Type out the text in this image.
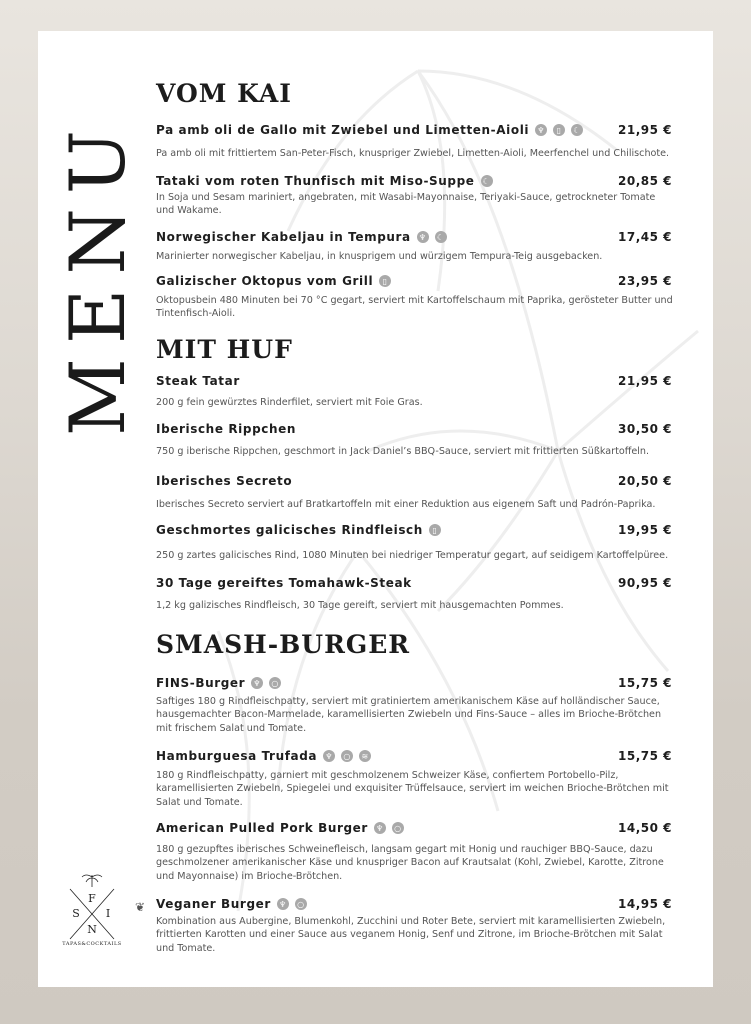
MENU
VOM KAI
Pa amb oli de Gallo mit Zwiebel und Limetten-Aioli ♆	▯	☾	21,95 €

Pa amb oli mit frittiertem San-Peter-Fisch, knuspriger Zwiebel, Limetten-Aioli, Meerfenchel und Chilischote.

Tataki vom roten Thunfisch mit Miso-Suppe ☾	20,85 €

In Soja und Sesam mariniert, angebraten, mit Wasabi-Mayonnaise, Teriyaki-Sauce, getrockneter Tomate und Wakame.

Norwegischer Kabeljau in Tempura ♆ ☾	17,45 €

Marinierter norwegischer Kabeljau, in knusprigem und würzigem Tempura-Teig ausgebacken.

Galizischer Oktopus vom Grill	▯	23,95 €

Oktopusbein 480 Minuten bei 70 °C gegart, serviert mit Kartoffelschaum mit Paprika, gerösteter Butter und Tintenfisch-Aioli.

MIT HUF
Steak Tatar	21,95 €

200 g fein gewürztes Rinderfilet, serviert mit Foie Gras.

Iberische Rippchen	30,50 €

750 g iberische Rippchen, geschmort in Jack Daniel’s BBQ-Sauce, serviert mit frittierten Süßkartoffeln.

Iberisches Secreto	20,50 €

Iberisches Secreto serviert auf Bratkartoffeln mit einer Reduktion aus eigenem Saft und Padrón-Paprika.

Geschmortes galicisches Rindfleisch	▯	19,95 €

250 g zartes galicisches Rind, 1080 Minuten bei niedriger Temperatur gegart, auf seidigem Kartoffelpüree.

30 Tage gereiftes Tomahawk-Steak	90,95 €

1,2 kg galizisches Rindfleisch, 30 Tage gereift, serviert mit hausgemachten Pommes.

SMASH-BURGER
FINS-Burger ♆ ○	15,75 €

Saftiges 180 g Rindfleischpatty, serviert mit gratiniertem amerikanischem Käse auf holländischer Sauce, hausgemachter Bacon-Marmelade, karamellisierten Zwiebeln und Fins-Sauce – alles im Brioche-Brötchen mit frischem Salat und Tomate.

Hamburguesa Trufada ♆ ○ ≋	15,75 €

180 g Rindfleischpatty, garniert mit geschmolzenem Schweizer Käse, confiertem Portobello-Pilz, karamellisierten Zwiebeln, Spiegelei und exquisiter Trüffelsauce, serviert im weichen Brioche-Brötchen mit Salat und Tomate.

American Pulled Pork Burger ♆ ○	14,50 €

180 g gezupftes iberisches Schweinefleisch, langsam gegart mit Honig und rauchiger BBQ-Sauce, dazu geschmolzener amerikanischer Käse und knuspriger Bacon auf Krautsalat (Kohl, Zwiebel, Karotte, Zitrone und Mayonnaise) im Brioche-Brötchen.

❦ Veganer Burger ♆ ○	14,95 €

Kombination aus Aubergine, Blumenkohl, Zucchini und Roter Bete, serviert mit karamellisierten Zwiebeln, frittierten Karotten und einer Sauce aus veganem Honig, Senf und Zitrone, im Brioche-Brötchen mit Salat und Tomate.

F
S I
N
TAPAS&COCKTAILS
